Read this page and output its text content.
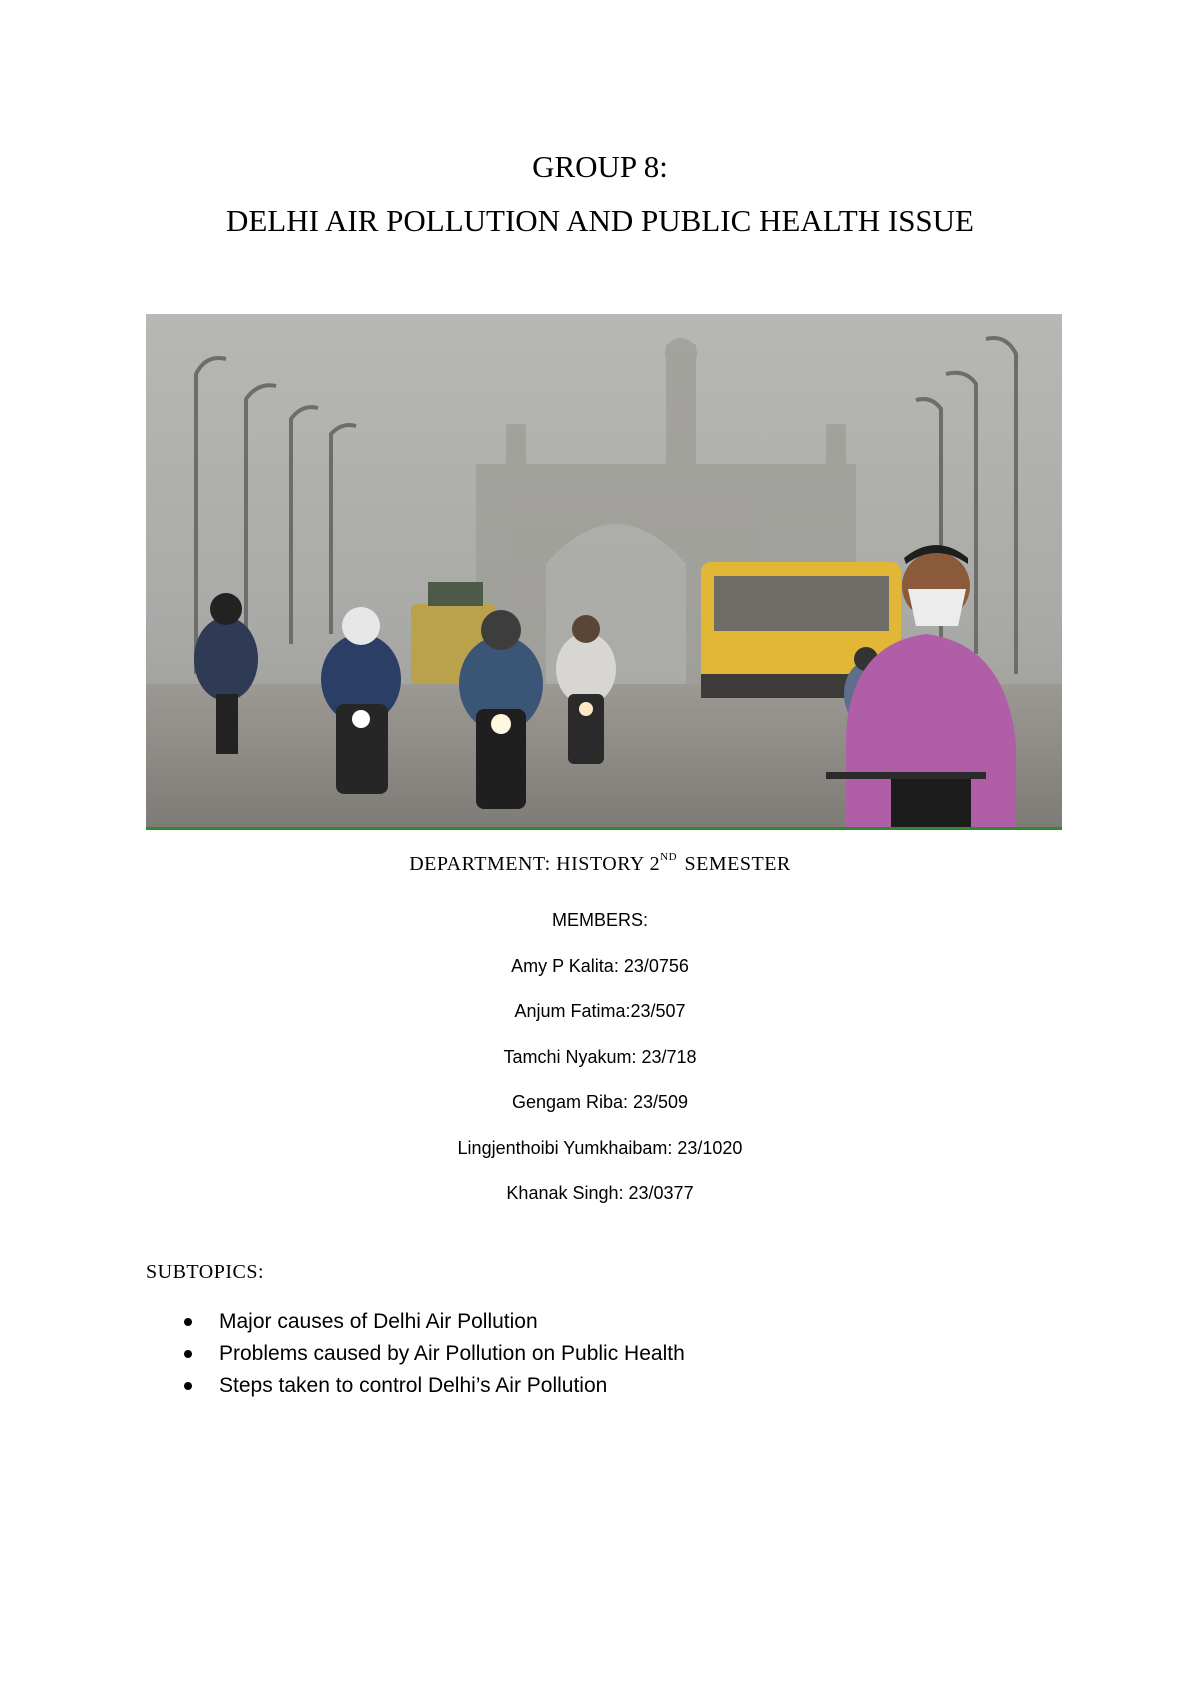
GROUP 8:
DELHI AIR POLLUTION AND PUBLIC HEALTH ISSUE
DEPARTMENT: HISTORY 2ND SEMESTER
MEMBERS:
Amy P Kalita: 23/0756
Anjum Fatima:23/507
Tamchi Nyakum: 23/718
Gengam Riba: 23/509
Lingjenthoibi Yumkhaibam: 23/1020
Khanak Singh: 23/0377
SUBTOPICS:
Major causes of Delhi Air Pollution
Problems caused by Air Pollution on Public Health
Steps taken to control Delhi’s Air Pollution
